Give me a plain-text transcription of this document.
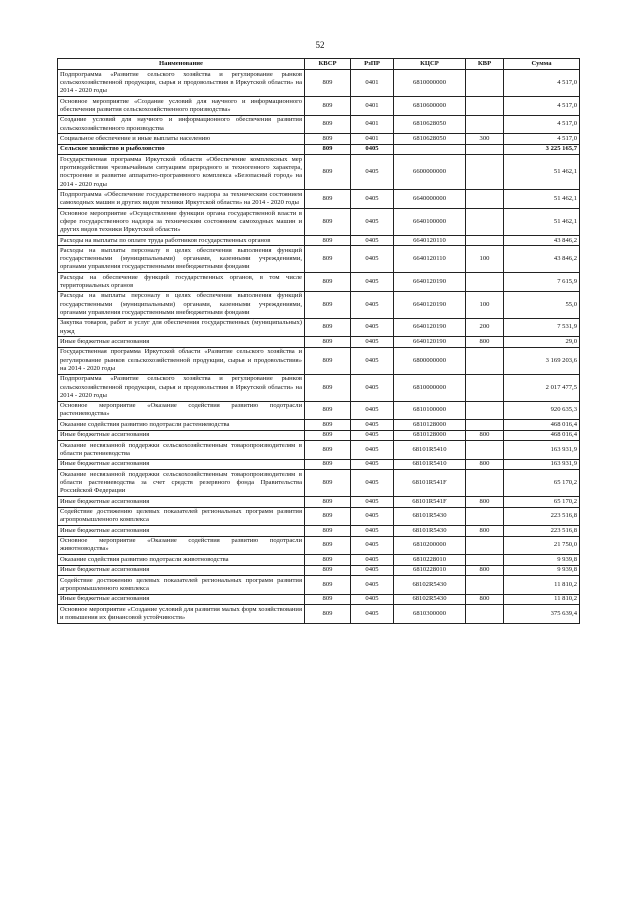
52
Наименование	КВСР	РзПР	КЦСР	КВР	Сумма
Подпрограмма «Развитие сельского хозяйства и регулирование рынков сельскохозяйственной продукции, сырья и продовольствия в Иркутской области» на 2014 - 2020 годы	809	0401	6810000000		4 517,0
Основное мероприятие «Создание условий для научного и информационного обеспечения развития сельскохозяйственного производства»	809	0401	6810600000		4 517,0
Создание условий для научного и информационного обеспечения развития сельскохозяйственного производства	809	0401	6810628050		4 517,0
Социальное обеспечение и иные выплаты населению	809	0401	6810628050	300	4 517,0
Сельское хозяйство и рыболовство	809	0405			3 225 165,7
Государственная программа Иркутской области «Обеспечение комплексных мер противодействия чрезвычайным ситуациям природного и техногенного характера, построение и развитие аппаратно-программного комплекса «Безопасный город» на 2014 - 2020 годы	809	0405	6600000000		51 462,1
Подпрограмма «Обеспечение государственного надзора за техническим состоянием самоходных машин и других видов техники Иркутской области» на 2014 - 2020 годы	809	0405	6640000000		51 462,1
Основное мероприятие «Осуществление функции органа государственной власти в сфере государственного надзора за техническим состоянием самоходных машин и других видов техники Иркутской области»	809	0405	6640100000		51 462,1
Расходы на выплаты по оплате труда работников государственных органов	809	0405	6640120110		43 846,2
Расходы на выплаты персоналу в целях обеспечения выполнения функций государственными (муниципальными) органами, казенными учреждениями, органами управления государственными внебюджетными фондами	809	0405	6640120110	100	43 846,2
Расходы на обеспечение функций государственных органов, в том числе территориальных органов	809	0405	6640120190		7 615,9
Расходы на выплаты персоналу в целях обеспечения выполнения функций государственными (муниципальными) органами, казенными учреждениями, органами управления государственными внебюджетными фондами	809	0405	6640120190	100	55,0
Закупка товаров, работ и услуг для обеспечения государственных (муниципальных) нужд	809	0405	6640120190	200	7 531,9
Иные бюджетные ассигнования	809	0405	6640120190	800	29,0
Государственная программа Иркутской области «Развитие сельского хозяйства и регулирование рынков сельскохозяйственной продукции, сырья и продовольствия» на 2014 - 2020 годы	809	0405	6800000000		3 169 203,6
Подпрограмма «Развитие сельского хозяйства и регулирование рынков сельскохозяйственной продукции, сырья и продовольствия в Иркутской области» на 2014 - 2020 годы	809	0405	6810000000		2 017 477,5
Основное мероприятие «Оказание содействия развитию подотрасли растениеводства»	809	0405	6810100000		920 635,3
Оказание содействия развитию подотрасли растениеводства	809	0405	6810128000		468 016,4
Иные бюджетные ассигнования	809	0405	6810128000	800	468 016,4
Оказание несвязанной поддержки сельскохозяйственным товаропроизводителям в области растениеводства	809	0405	68101R5410		163 931,9
Иные бюджетные ассигнования	809	0405	68101R5410	800	163 931,9
Оказание несвязанной поддержки сельскохозяйственным товаропроизводителям в области растениеводства за счет средств резервного фонда Правительства Российской Федерации	809	0405	68101R541F		65 170,2
Иные бюджетные ассигнования	809	0405	68101R541F	800	65 170,2
Содействие достижению целевых показателей региональных программ развития агропромышленного комплекса	809	0405	68101R5430		223 516,8
Иные бюджетные ассигнования	809	0405	68101R5430	800	223 516,8
Основное мероприятие «Оказание содействия развитию подотрасли животноводства»	809	0405	6810200000		21 750,0
Оказание содействия развитию подотрасли животноводства	809	0405	6810228010		9 939,8
Иные бюджетные ассигнования	809	0405	6810228010	800	9 939,8
Содействие достижению целевых показателей региональных программ развития агропромышленного комплекса	809	0405	68102R5430		11 810,2
Иные бюджетные ассигнования	809	0405	68102R5430	800	11 810,2
Основное мероприятие «Создание условий для развития малых форм хозяйствования и повышения их финансовой устойчивости»	809	0405	6810300000		375 639,4
